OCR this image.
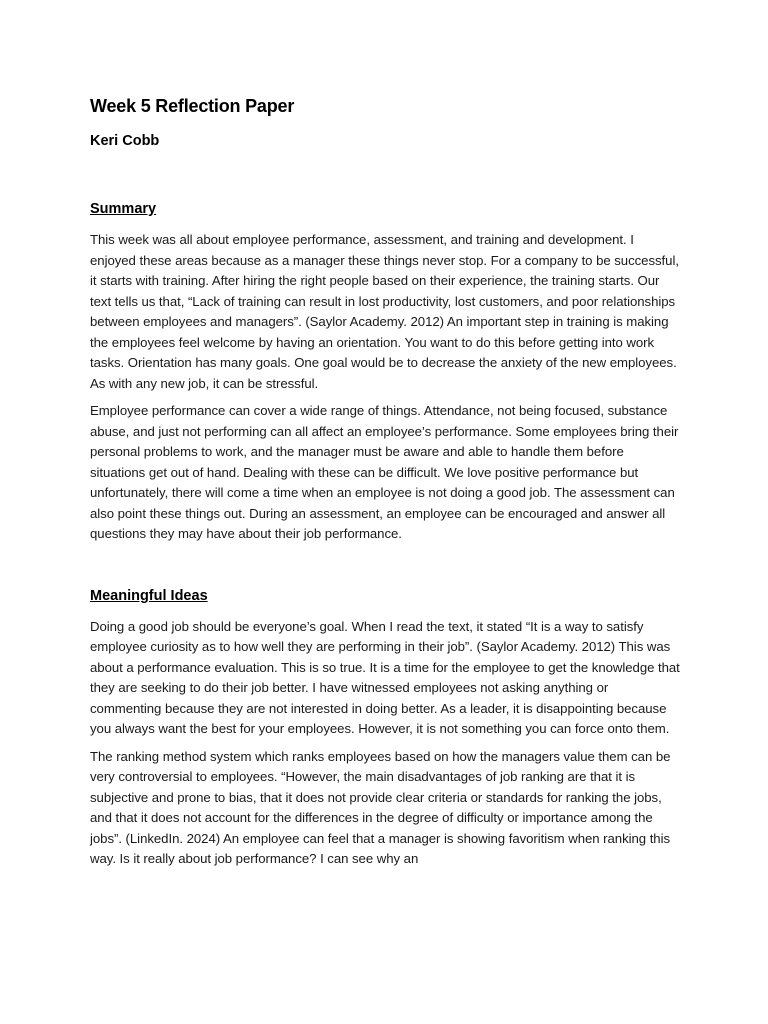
Week 5 Reflection Paper

Keri Cobb

Summary

This week was all about employee performance, assessment, and training and development. I enjoyed these areas because as a manager these things never stop. For a company to be successful, it starts with training. After hiring the right people based on their experience, the training starts. Our text tells us that, “Lack of training can result in lost productivity, lost customers, and poor relationships between employees and managers”. (Saylor Academy. 2012) An important step in training is making the employees feel welcome by having an orientation. You want to do this before getting into work tasks. Orientation has many goals. One goal would be to decrease the anxiety of the new employees. As with any new job, it can be stressful.

Employee performance can cover a wide range of things. Attendance, not being focused, substance abuse, and just not performing can all affect an employee’s performance. Some employees bring their personal problems to work, and the manager must be aware and able to handle them before situations get out of hand. Dealing with these can be difficult. We love positive performance but unfortunately, there will come a time when an employee is not doing a good job. The assessment can also point these things out. During an assessment, an employee can be encouraged and answer all questions they may have about their job performance.

Meaningful Ideas

Doing a good job should be everyone’s goal. When I read the text, it stated “It is a way to satisfy employee curiosity as to how well they are performing in their job”. (Saylor Academy. 2012) This was about a performance evaluation. This is so true. It is a time for the employee to get the knowledge that they are seeking to do their job better. I have witnessed employees not asking anything or commenting because they are not interested in doing better. As a leader, it is disappointing because you always want the best for your employees. However, it is not something you can force onto them.

The ranking method system which ranks employees based on how the managers value them can be very controversial to employees. “However, the main disadvantages of job ranking are that it is subjective and prone to bias, that it does not provide clear criteria or standards for ranking the jobs, and that it does not account for the differences in the degree of difficulty or importance among the jobs”. (LinkedIn. 2024) An employee can feel that a manager is showing favoritism when ranking this way. Is it really about job performance? I can see why an
